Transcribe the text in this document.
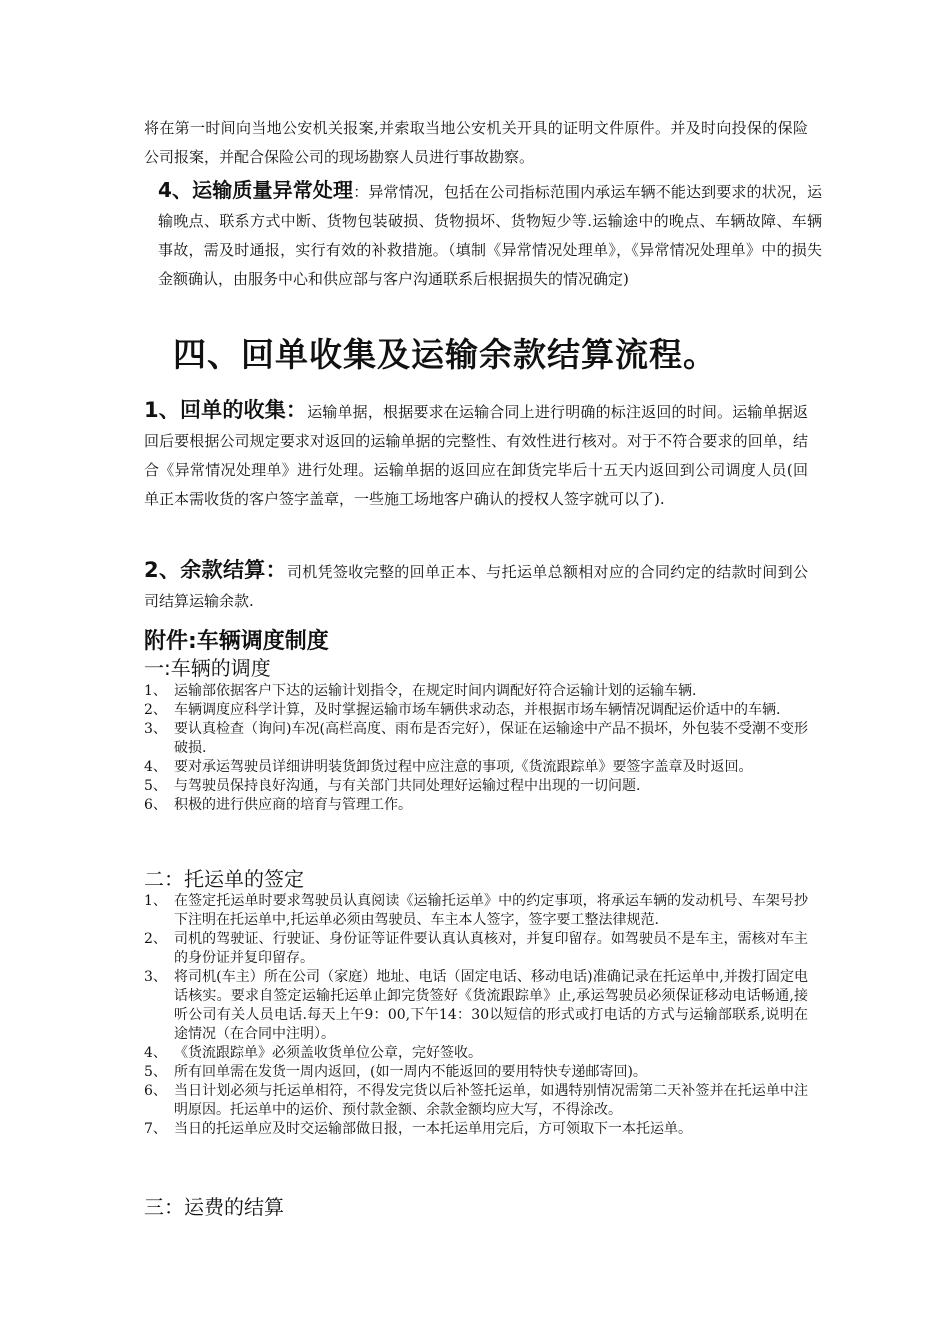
将在第一时间向当地公安机关报案,并索取当地公安机关开具的证明文件原件。并及时向投保的保险公司报案，并配合保险公司的现场勘察人员进行事故勘察。

4、运输质量异常处理：异常情况，包括在公司指标范围内承运车辆不能达到要求的状况，运输晚点、联系方式中断、货物包装破损、货物损坏、货物短少等.运输途中的晚点、车辆故障、车辆事故，需及时通报，实行有效的补救措施。（填制《异常情况处理单》，《异常情况处理单》中的损失金额确认，由服务中心和供应部与客户沟通联系后根据损失的情况确定)

四、回单收集及运输余款结算流程。

1、回单的收集：运输单据，根据要求在运输合同上进行明确的标注返回的时间。运输单据返回后要根据公司规定要求对返回的运输单据的完整性、有效性进行核对。对于不符合要求的回单，结合《异常情况处理单》进行处理。运输单据的返回应在卸货完毕后十五天内返回到公司调度人员(回单正本需收货的客户签字盖章，一些施工场地客户确认的授权人签字就可以了).

2、余款结算：司机凭签收完整的回单正本、与托运单总额相对应的合同约定的结款时间到公司结算运输余款.

附件:车辆调度制度
一:车辆的调度
1、 运输部依据客户下达的运输计划指令，在规定时间内调配好符合运输计划的运输车辆.
2、 车辆调度应科学计算，及时掌握运输市场车辆供求动态，并根据市场车辆情况调配运价适中的车辆.
3、 要认真检查（询问)车况(高栏高度、雨布是否完好），保证在运输途中产品不损坏，外包装不受潮不变形破损.
4、 要对承运驾驶员详细讲明装货卸货过程中应注意的事项,《货流跟踪单》要签字盖章及时返回。
5、 与驾驶员保持良好沟通，与有关部门共同处理好运输过程中出现的一切问题.
6、 积极的进行供应商的培育与管理工作。
二：托运单的签定
1、 在签定托运单时要求驾驶员认真阅读《运输托运单》中的约定事项，将承运车辆的发动机号、车架号抄下注明在托运单中,托运单必须由驾驶员、车主本人签字，签字要工整法律规范.
2、 司机的驾驶证、行驶证、身份证等证件要认真认真核对，并复印留存。如驾驶员不是车主，需核对车主的身份证并复印留存。
3、 将司机(车主）所在公司（家庭）地址、电话（固定电话、移动电话)准确记录在托运单中,并拨打固定电话核实。要求自签定运输托运单止卸完货签好《货流跟踪单》止,承运驾驶员必须保证移动电话畅通,接听公司有关人员电话.每天上午9：00,下午14：30以短信的形式或打电话的方式与运输部联系,说明在途情况（在合同中注明）。
4、 《货流跟踪单》必须盖收货单位公章，完好签收。
5、 所有回单需在发货一周内返回，(如一周内不能返回的要用特快专递邮寄回)。
6、 当日计划必须与托运单相符，不得发完货以后补签托运单，如遇特别情况需第二天补签并在托运单中注明原因。托运单中的运价、预付款金额、余款金额均应大写，不得涂改。
7、 当日的托运单应及时交运输部做日报，一本托运单用完后，方可领取下一本托运单。
三：运费的结算
